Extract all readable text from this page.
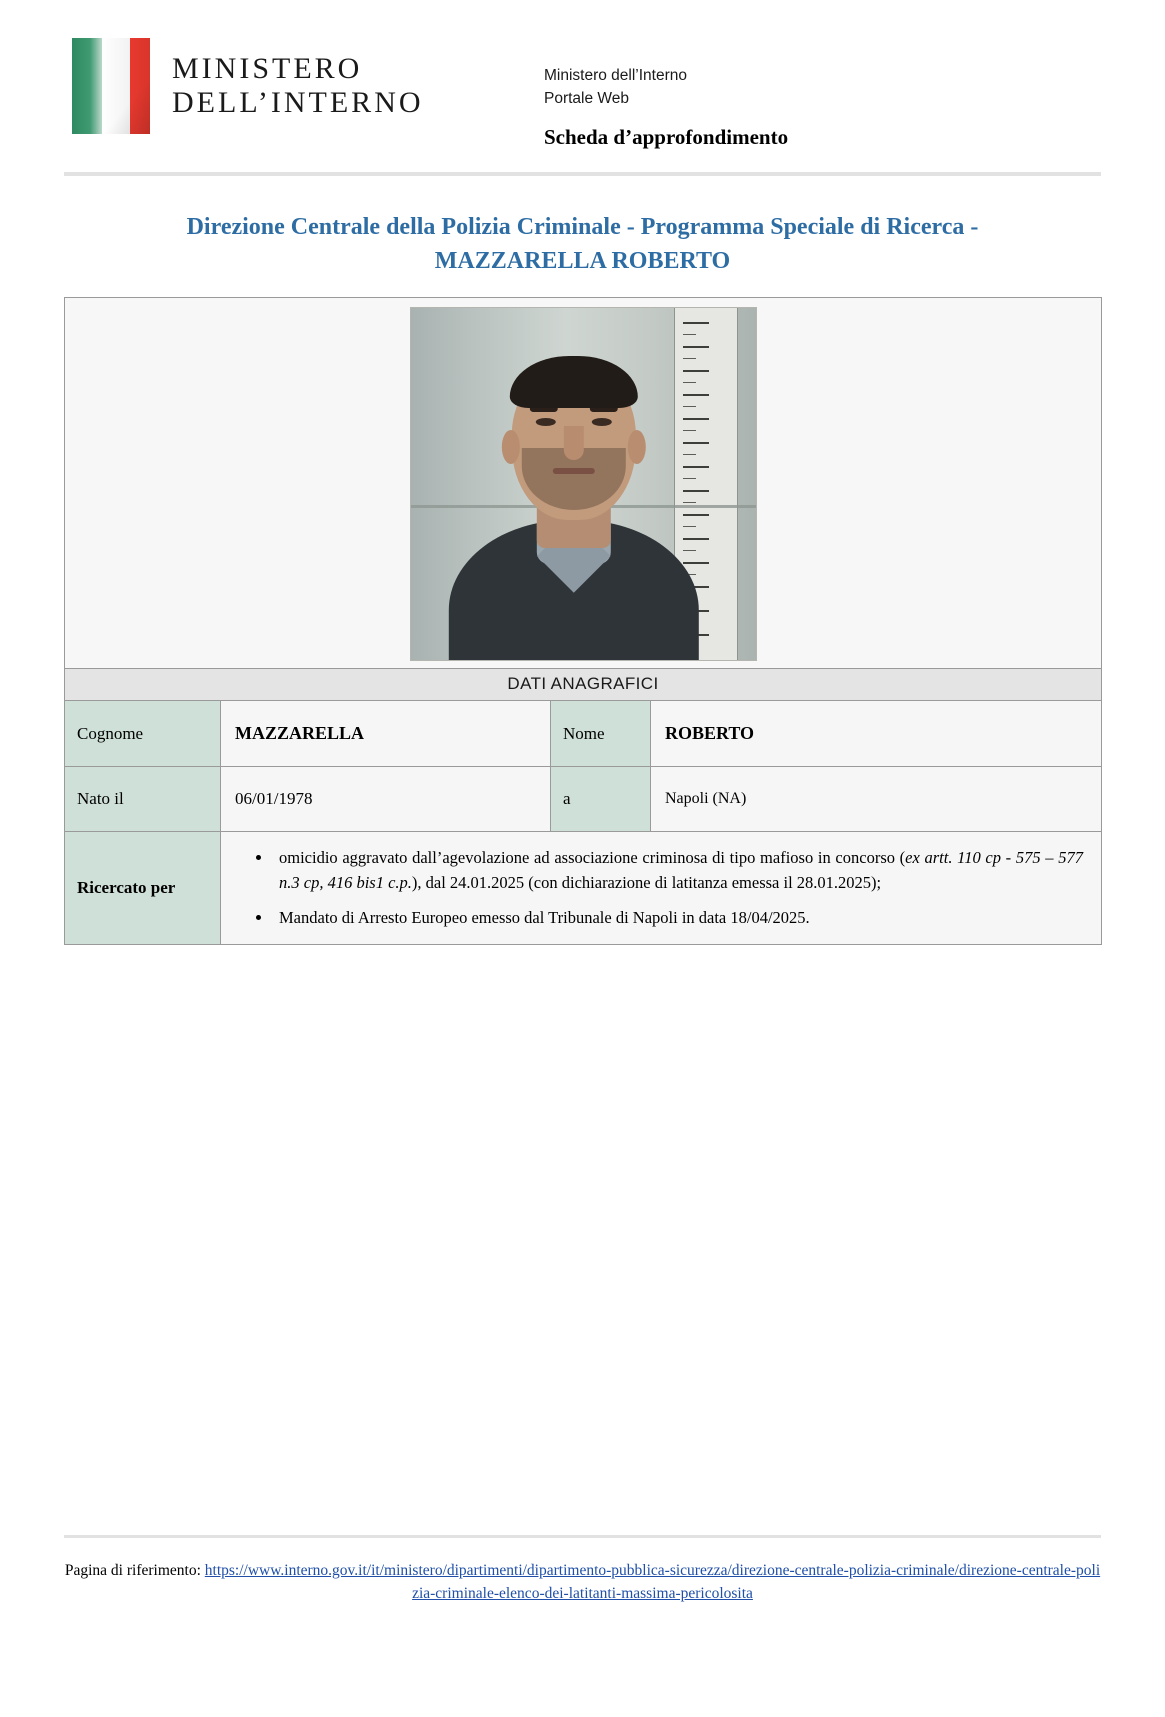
MINISTERO
DELL’INTERNO
Ministero dell’Interno
Portale Web
Scheda d’approfondimento
Direzione Centrale della Polizia Criminale - Programma Speciale di Ricerca -
MAZZARELLA ROBERTO

DATI ANAGRAFICI			
Cognome	MAZZARELLA	Nome	ROBERTO
Nato il	06/01/1978	a	Napoli (NA)
Ricercato per	
• omicidio aggravato dall’agevolazione ad associazione criminosa di tipo mafioso in concorso (ex artt. 110 cp - 575 – 577 n.3 cp, 416 bis1 c.p.), dal 24.01.2025 (con dichiarazione di latitanza emessa il 28.01.2025);
• Mandato di Arresto Europeo emesso dal Tribunale di Napoli in data 18/04/2025.
Pagina di riferimento: https://www.interno.gov.it/it/ministero/dipartimenti/dipartimento-pubblica-sicurezza/direzione-centrale-polizia-criminale/direzione-centrale-polizia-criminale-elenco-dei-latitanti-massima-pericolosita
